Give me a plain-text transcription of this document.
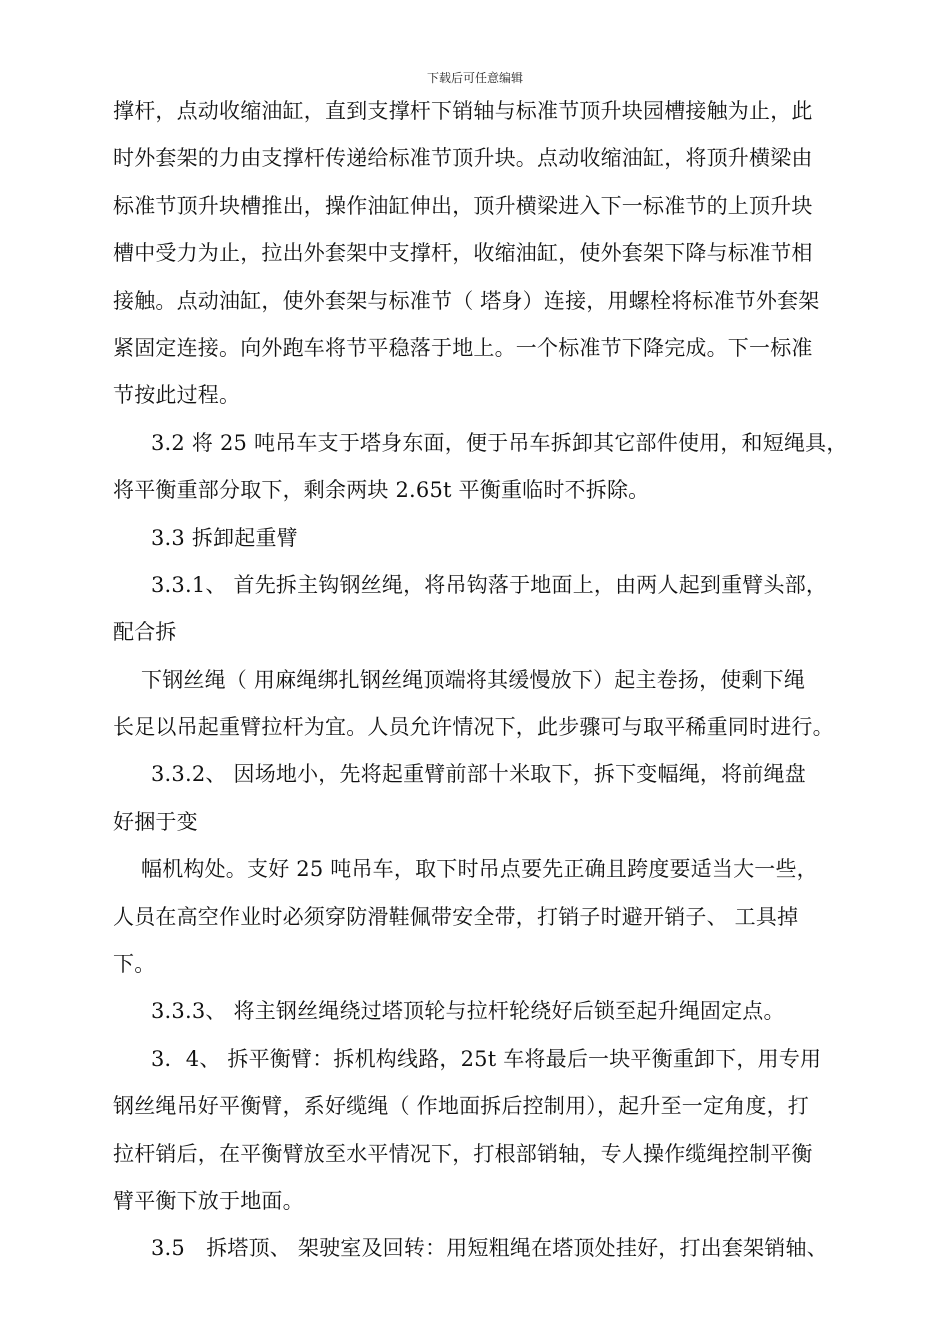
下载后可任意编辑
撑杆，点动收缩油缸，直到支撑杆下销轴与标准节顶升块园槽接触为止，此
时外套架的力由支撑杆传递给标准节顶升块。点动收缩油缸，将顶升横梁由
标准节顶升块槽推出，操作油缸伸出，顶升横梁进入下一标准节的上顶升块
槽中受力为止，拉出外套架中支撑杆，收缩油缸，使外套架下降与标准节相
接触。点动油缸，使外套架与标准节（ 塔身）连接，用螺栓将标准节外套架
紧固定连接。向外跑车将节平稳落于地上。一个标准节下降完成。下一标准
节按此过程。
3.2 将 25 吨吊车支于塔身东面，便于吊车拆卸其它部件使用，和短绳具，
将平衡重部分取下，剩余两块 2.65t 平衡重临时不拆除。
3.3 拆卸起重臂
3.3.1、 首先拆主钩钢丝绳，将吊钩落于地面上，由两人起到重臂头部，
配合拆
下钢丝绳（ 用麻绳绑扎钢丝绳顶端将其缓慢放下）起主卷扬，使剩下绳
长足以吊起重臂拉杆为宜。人员允许情况下，此步骤可与取平稀重同时进行。
3.3.2、 因场地小，先将起重臂前部十米取下，拆下变幅绳，将前绳盘
好捆于变
幅机构处。支好 25 吨吊车，取下时吊点要先正确且跨度要适当大一些，
人员在高空作业时必须穿防滑鞋佩带安全带，打销子时避开销子、 工具掉
下。
3.3.3、 将主钢丝绳绕过塔顶轮与拉杆轮绕好后锁至起升绳固定点。
3．4、 拆平衡臂：拆机构线路，25t 车将最后一块平衡重卸下，用专用
钢丝绳吊好平衡臂，系好缆绳（ 作地面拆后控制用），起升至一定角度，打
拉杆销后，在平衡臂放至水平情况下，打根部销轴，专人操作缆绳控制平衡
臂平衡下放于地面。
3.5　拆塔顶、 架驶室及回转：用短粗绳在塔顶处挂好，打出套架销轴、
